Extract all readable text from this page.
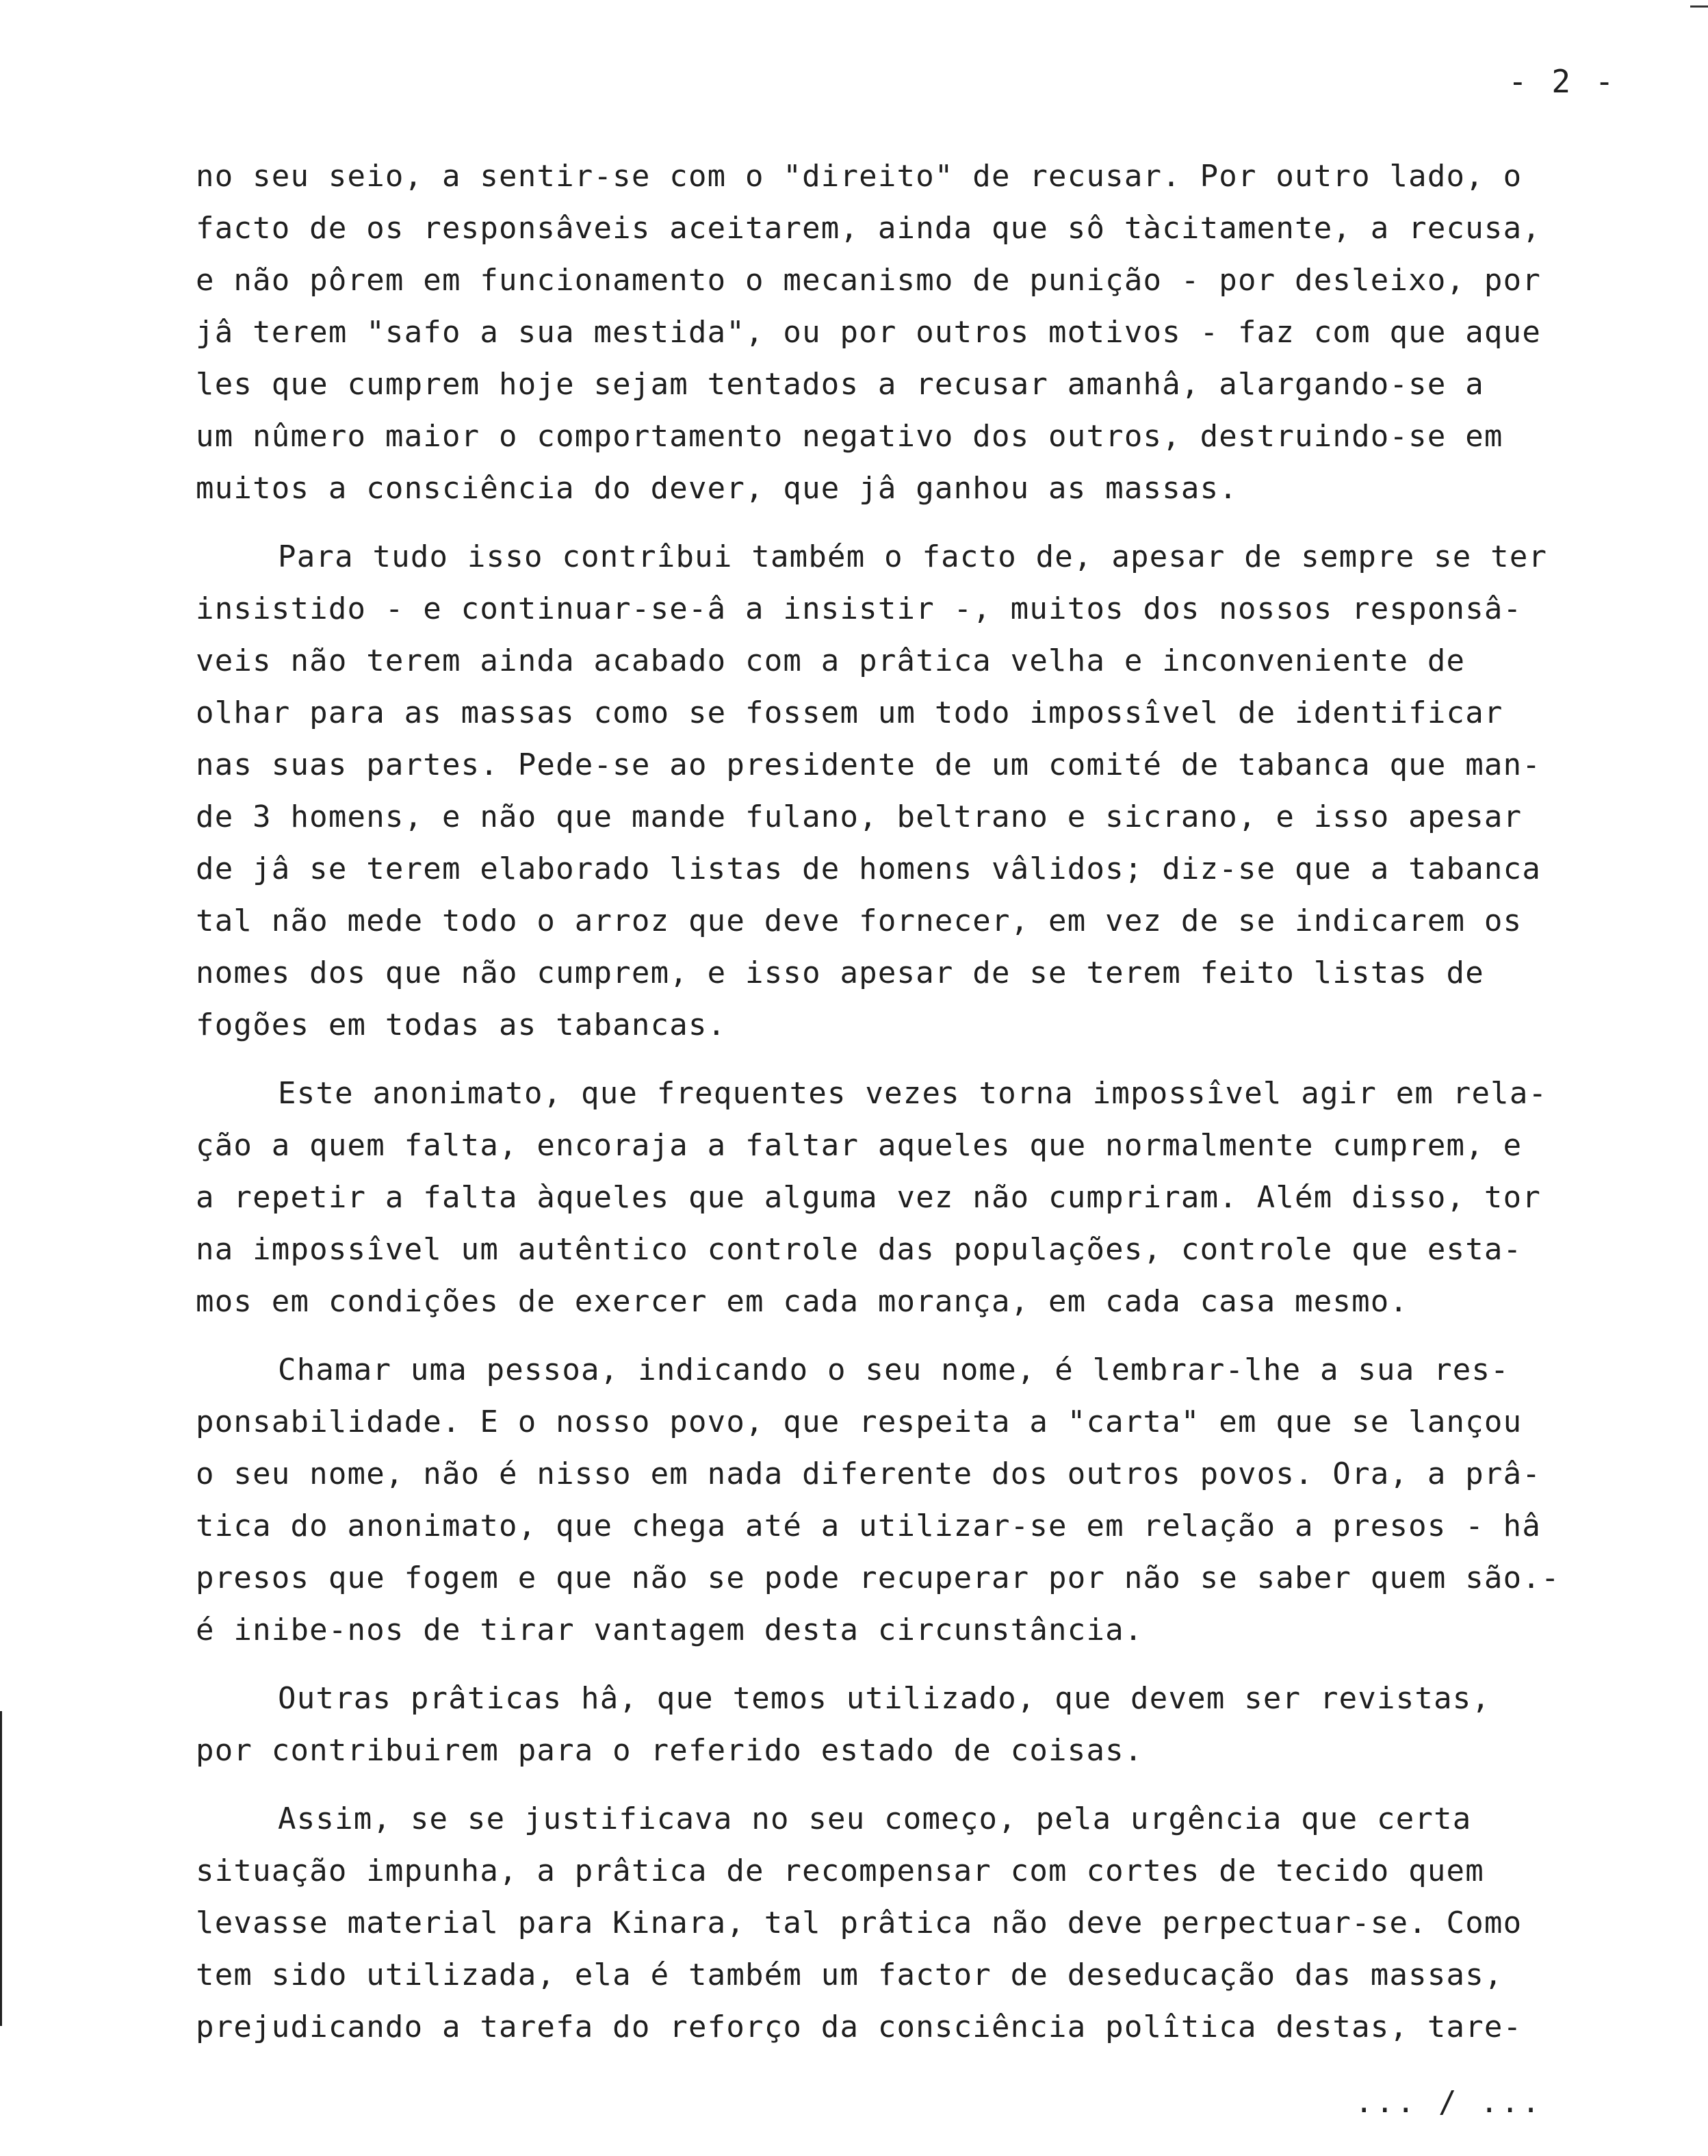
- 2 -
no seu seio, a sentir-se com o "direito" de recusar. Por outro lado, o
facto de os responsâveis aceitarem, ainda que sô tàcitamente, a recusa,
e não pôrem em funcionamento o mecanismo de punição - por desleixo, por
jâ terem "safo a sua mestida", ou por outros motivos - faz com que aque
les que cumprem hoje sejam tentados a recusar amanhâ, alargando-se a
um nûmero maior o comportamento negativo dos outros, destruindo-se em
muitos a consciência do dever, que jâ ganhou as massas.
Para tudo isso contrîbui também o facto de, apesar de sempre se ter
insistido - e continuar-se-â a insistir -, muitos dos nossos responsâ-
veis não terem ainda acabado com a prâtica velha e inconveniente de
olhar para as massas como se fossem um todo impossîvel de identificar
nas suas partes. Pede-se ao presidente de um comité de tabanca que man-
de 3 homens, e não que mande fulano, beltrano e sicrano, e isso apesar
de jâ se terem elaborado listas de homens vâlidos; diz-se que a tabanca
tal não mede todo o arroz que deve fornecer, em vez de se indicarem os
nomes dos que não cumprem, e isso apesar de se terem feito listas de
fogões em todas as tabancas.
Este anonimato, que frequentes vezes torna impossîvel agir em rela-
ção a quem falta, encoraja a faltar aqueles que normalmente cumprem, e
a repetir a falta àqueles que alguma vez não cumpriram. Além disso, tor
na impossîvel um autêntico controle das populações, controle que esta-
mos em condições de exercer em cada morança, em cada casa mesmo.
Chamar uma pessoa, indicando o seu nome, é lembrar-lhe a sua res-
ponsabilidade. E o nosso povo, que respeita a "carta" em que se lançou
o seu nome, não é nisso em nada diferente dos outros povos. Ora, a prâ-
tica do anonimato, que chega até a utilizar-se em relação a presos - hâ
presos que fogem e que não se pode recuperar por não se saber quem são.-
é inibe-nos de tirar vantagem desta circunstância.
Outras prâticas hâ, que temos utilizado, que devem ser revistas,
por contribuirem para o referido estado de coisas.
Assim, se se justificava no seu começo, pela urgência que certa
situação impunha, a prâtica de recompensar com cortes de tecido quem
levasse material para Kinara, tal prâtica não deve perpectuar-se. Como
tem sido utilizada, ela é também um factor de deseducação das massas,
prejudicando a tarefa do reforço da consciência polîtica destas, tare-
... / ...
